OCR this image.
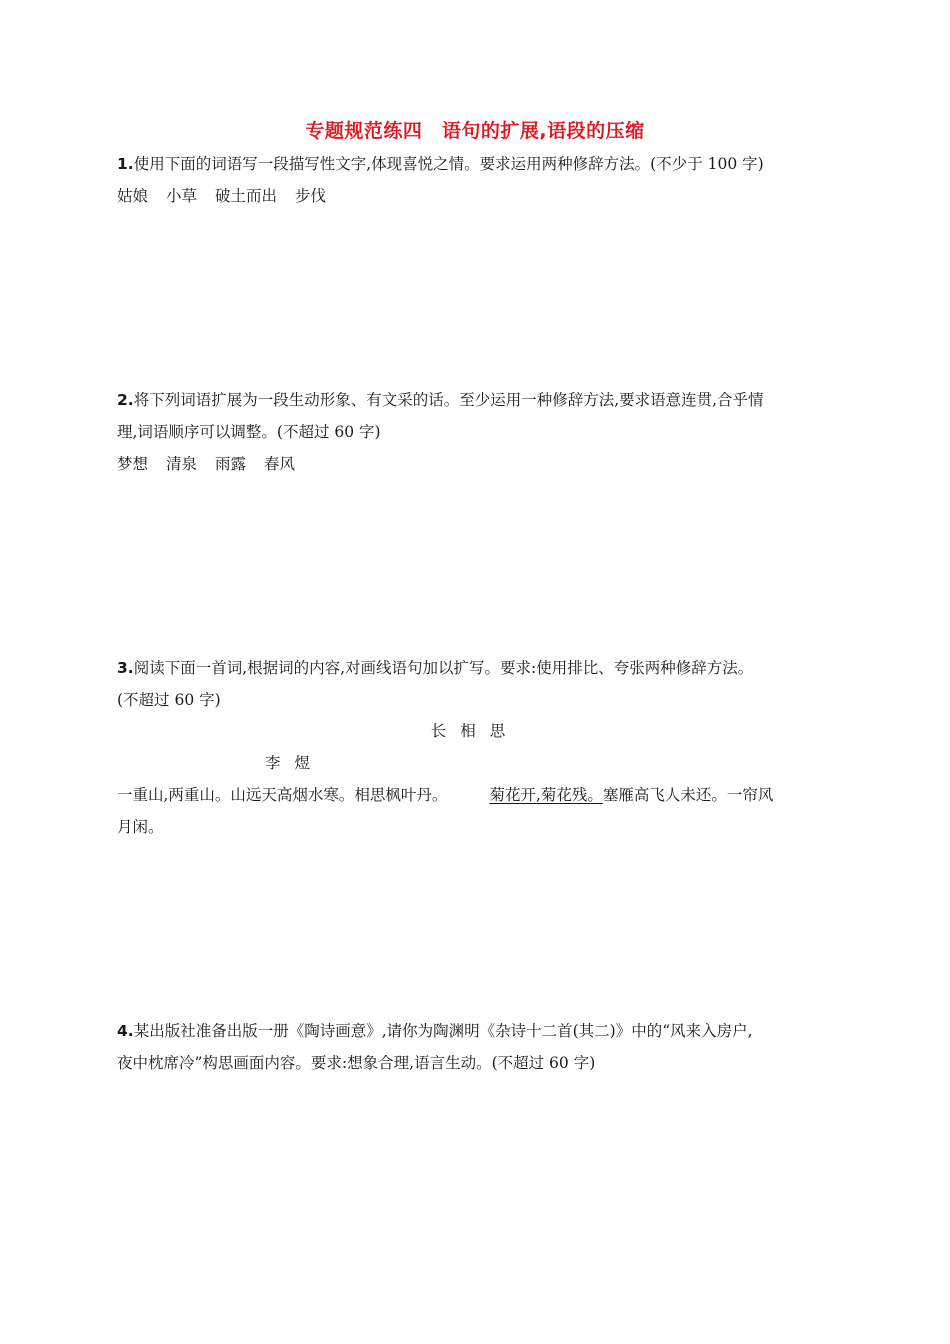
专题规范练四　语句的扩展,语段的压缩
1.使用下面的词语写一段描写性文字,体现喜悦之情。要求运用两种修辞方法。(不少于 100 字)
姑娘 小草 破土而出 步伐
2.将下列词语扩展为一段生动形象、有文采的话。至少运用一种修辞方法,要求语意连贯,合乎情
理,词语顺序可以调整。(不超过 60 字)
梦想 清泉 雨露 春风
3.阅读下面一首词,根据词的内容,对画线语句加以扩写。要求:使用排比、夸张两种修辞方法。
(不超过 60 字)
长相思
李煜
一重山,两重山。山远天高烟水寒。相思枫叶丹。	菊花开,菊花残。塞雁高飞人未还。一帘风
月闲。
4.某出版社准备出版一册《陶诗画意》,请你为陶渊明《杂诗十二首(其二)》中的“风来入房户,
夜中枕席冷”构思画面内容。要求:想象合理,语言生动。(不超过 60 字)
